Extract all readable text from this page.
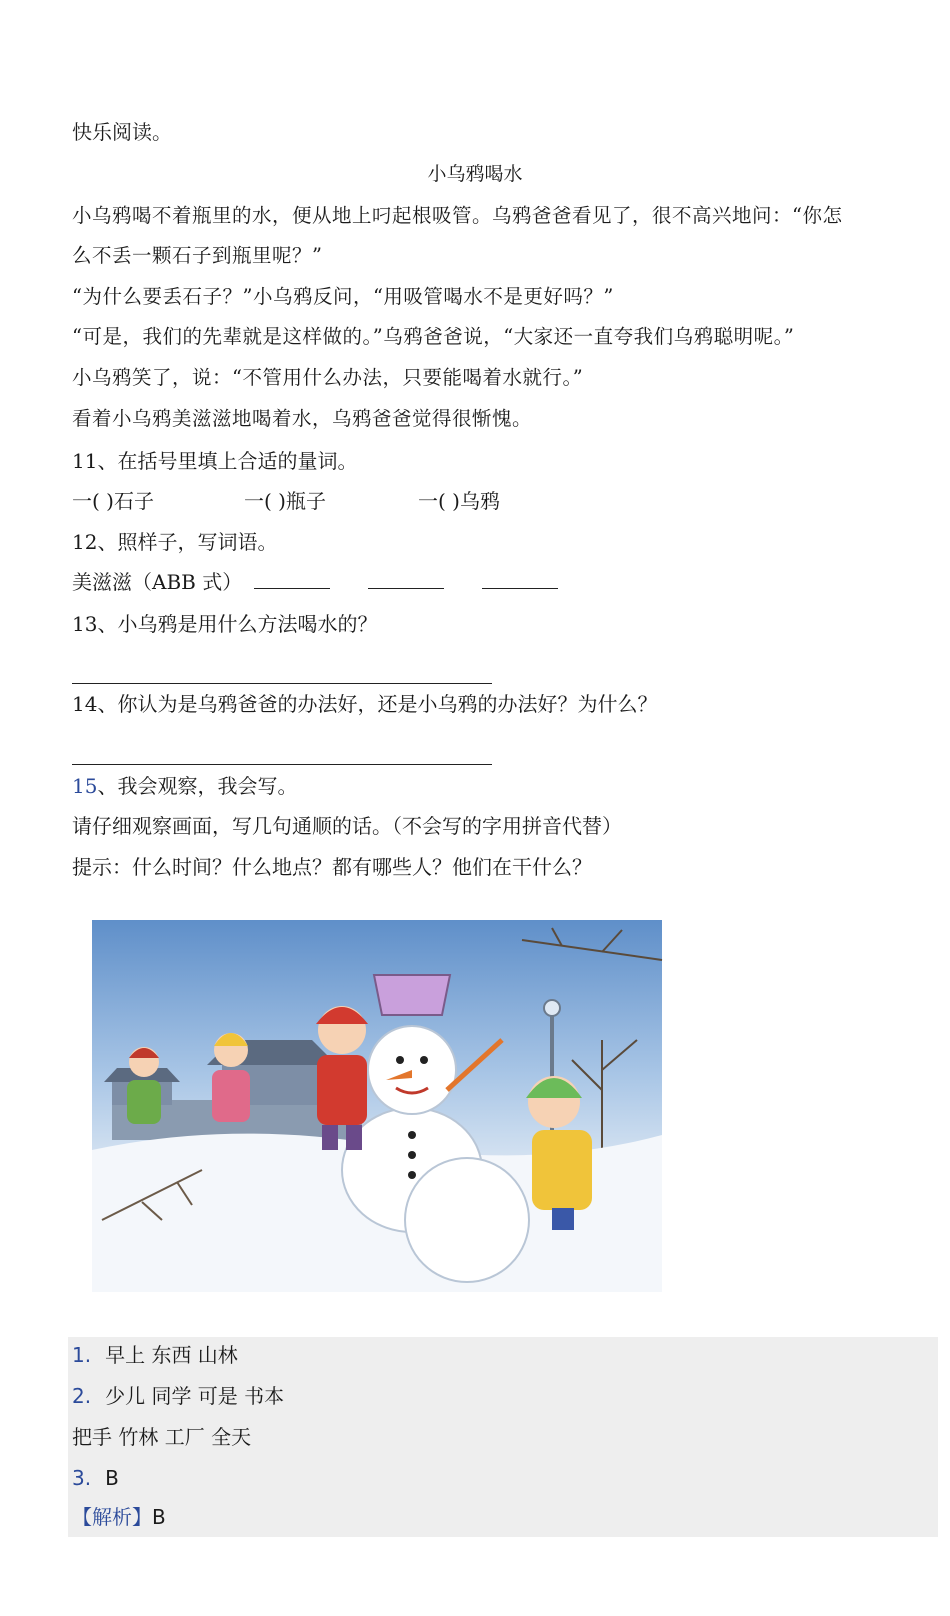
快乐阅读。
小乌鸦喝水
小乌鸦喝不着瓶里的水，便从地上叼起根吸管。乌鸦爸爸看见了，很不高兴地问：“你怎
么不丢一颗石子到瓶里呢？”
“为什么要丢石子？”小乌鸦反问，“用吸管喝水不是更好吗？”
“可是，我们的先辈就是这样做的。”乌鸦爸爸说，“大家还一直夸我们乌鸦聪明呢。”
小乌鸦笑了，说：“不管用什么办法，只要能喝着水就行。”
看着小乌鸦美滋滋地喝着水，乌鸦爸爸觉得很惭愧。
11、在括号里填上合适的量词。
一( )石子	一( )瓶子	一( )乌鸦
12、照样子，写词语。
美滋滋（ABB 式）
13、小乌鸦是用什么方法喝水的？
14、你认为是乌鸦爸爸的办法好，还是小乌鸦的办法好？为什么？
15、我会观察，我会写。
请仔细观察画面，写几句通顺的话。（不会写的字用拼音代替）
提示：什么时间？什么地点？都有哪些人？他们在干什么？
1. 早上 东西 山林
2. 少儿 同学 可是 书本
把手 竹林 工厂 全天
3. B
【解析】B
